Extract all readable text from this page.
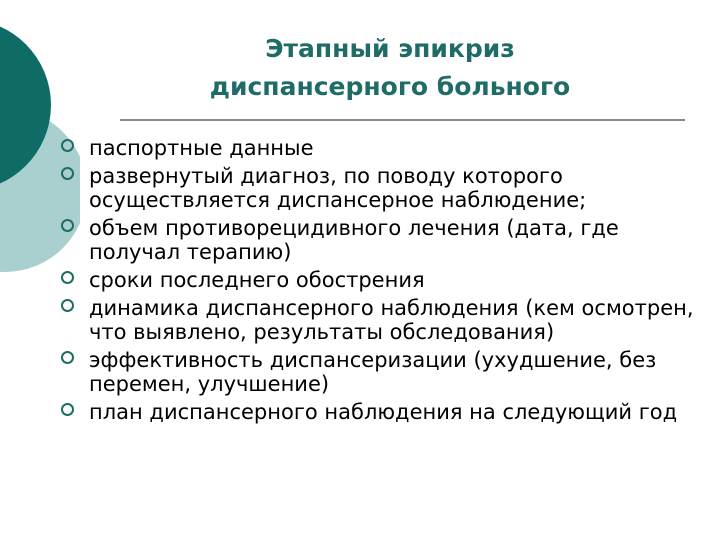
Этапный эпикриз
диспансерного больного
паспортные данные
развернутый диагноз, по поводу которого осуществляется диспансерное наблюдение;
объем противорецидивного лечения (дата, где получал терапию)
сроки последнего обострения
динамика диспансерного наблюдения (кем осмотрен, что выявлено, результаты обследования)
эффективность диспансеризации (ухудшение, без перемен, улучшение)
план диспансерного наблюдения на следующий год
